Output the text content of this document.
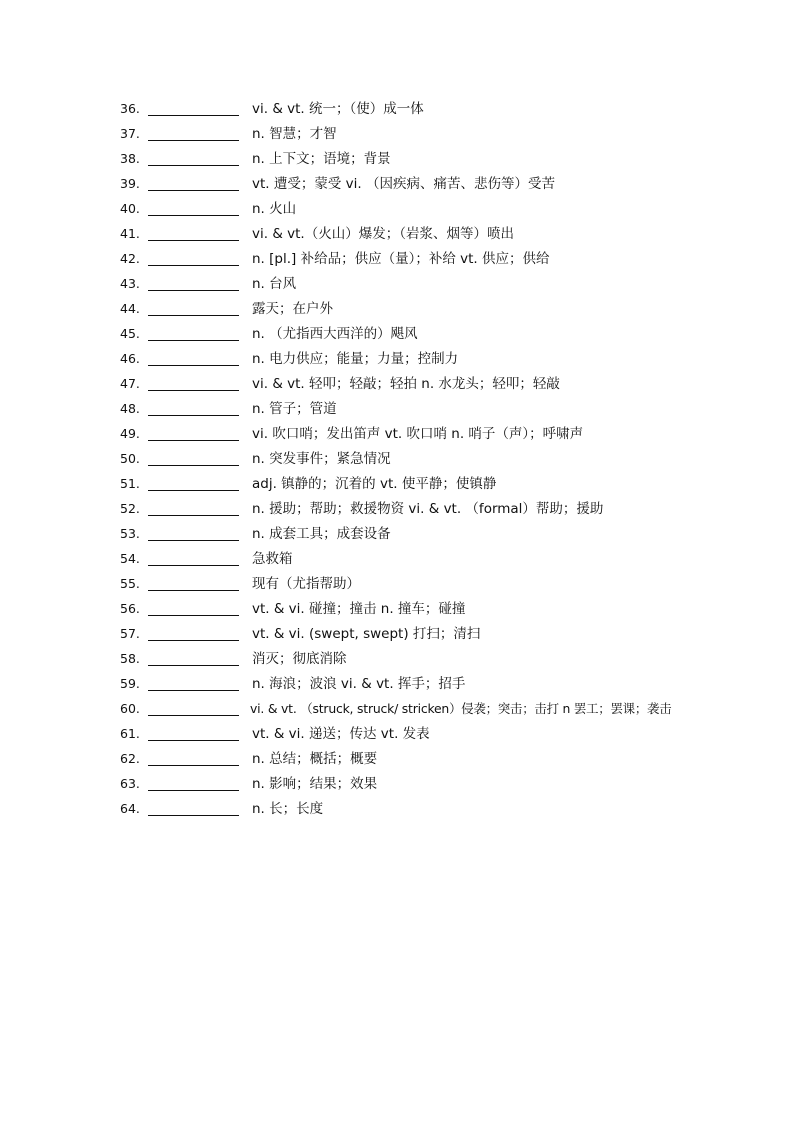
36.	vi. & vt. 统一；（使）成一体
37.	n. 智慧；才智
38.	n. 上下文；语境；背景
39.	vt. 遭受；蒙受 vi. （因疾病、痛苦、悲伤等）受苦
40.	n. 火山
41.	vi. & vt.（火山）爆发；（岩浆、烟等）喷出
42.	n. [pl.] 补给品；供应（量）；补给 vt. 供应；供给
43.	n. 台风
44.	露天；在户外
45.	n. （尤指西大西洋的）飓风
46.	n. 电力供应；能量；力量；控制力
47.	vi. & vt. 轻叩；轻敲；轻拍 n. 水龙头；轻叩；轻敲
48.	n. 管子；管道
49.	vi. 吹口哨；发出笛声 vt. 吹口哨 n. 哨子（声）；呼啸声
50.	n. 突发事件；紧急情况
51.	adj. 镇静的；沉着的 vt. 使平静；使镇静
52.	n. 援助；帮助；救援物资 vi. & vt. （formal）帮助；援助
53.	n. 成套工具；成套设备
54.	急救箱
55.	现有（尤指帮助）
56.	vt. & vi. 碰撞；撞击 n. 撞车；碰撞
57.	vt. & vi. (swept, swept) 打扫；清扫
58.	消灭；彻底消除
59.	n. 海浪；波浪 vi. & vt. 挥手；招手
60.	vi. & vt. （struck, struck/ stricken）侵袭；突击；击打 n 罢工；罢课；袭击
61.	vt. & vi. 递送；传达 vt. 发表
62.	n. 总结；概括；概要
63.	n. 影响；结果；效果
64.	n. 长；长度
